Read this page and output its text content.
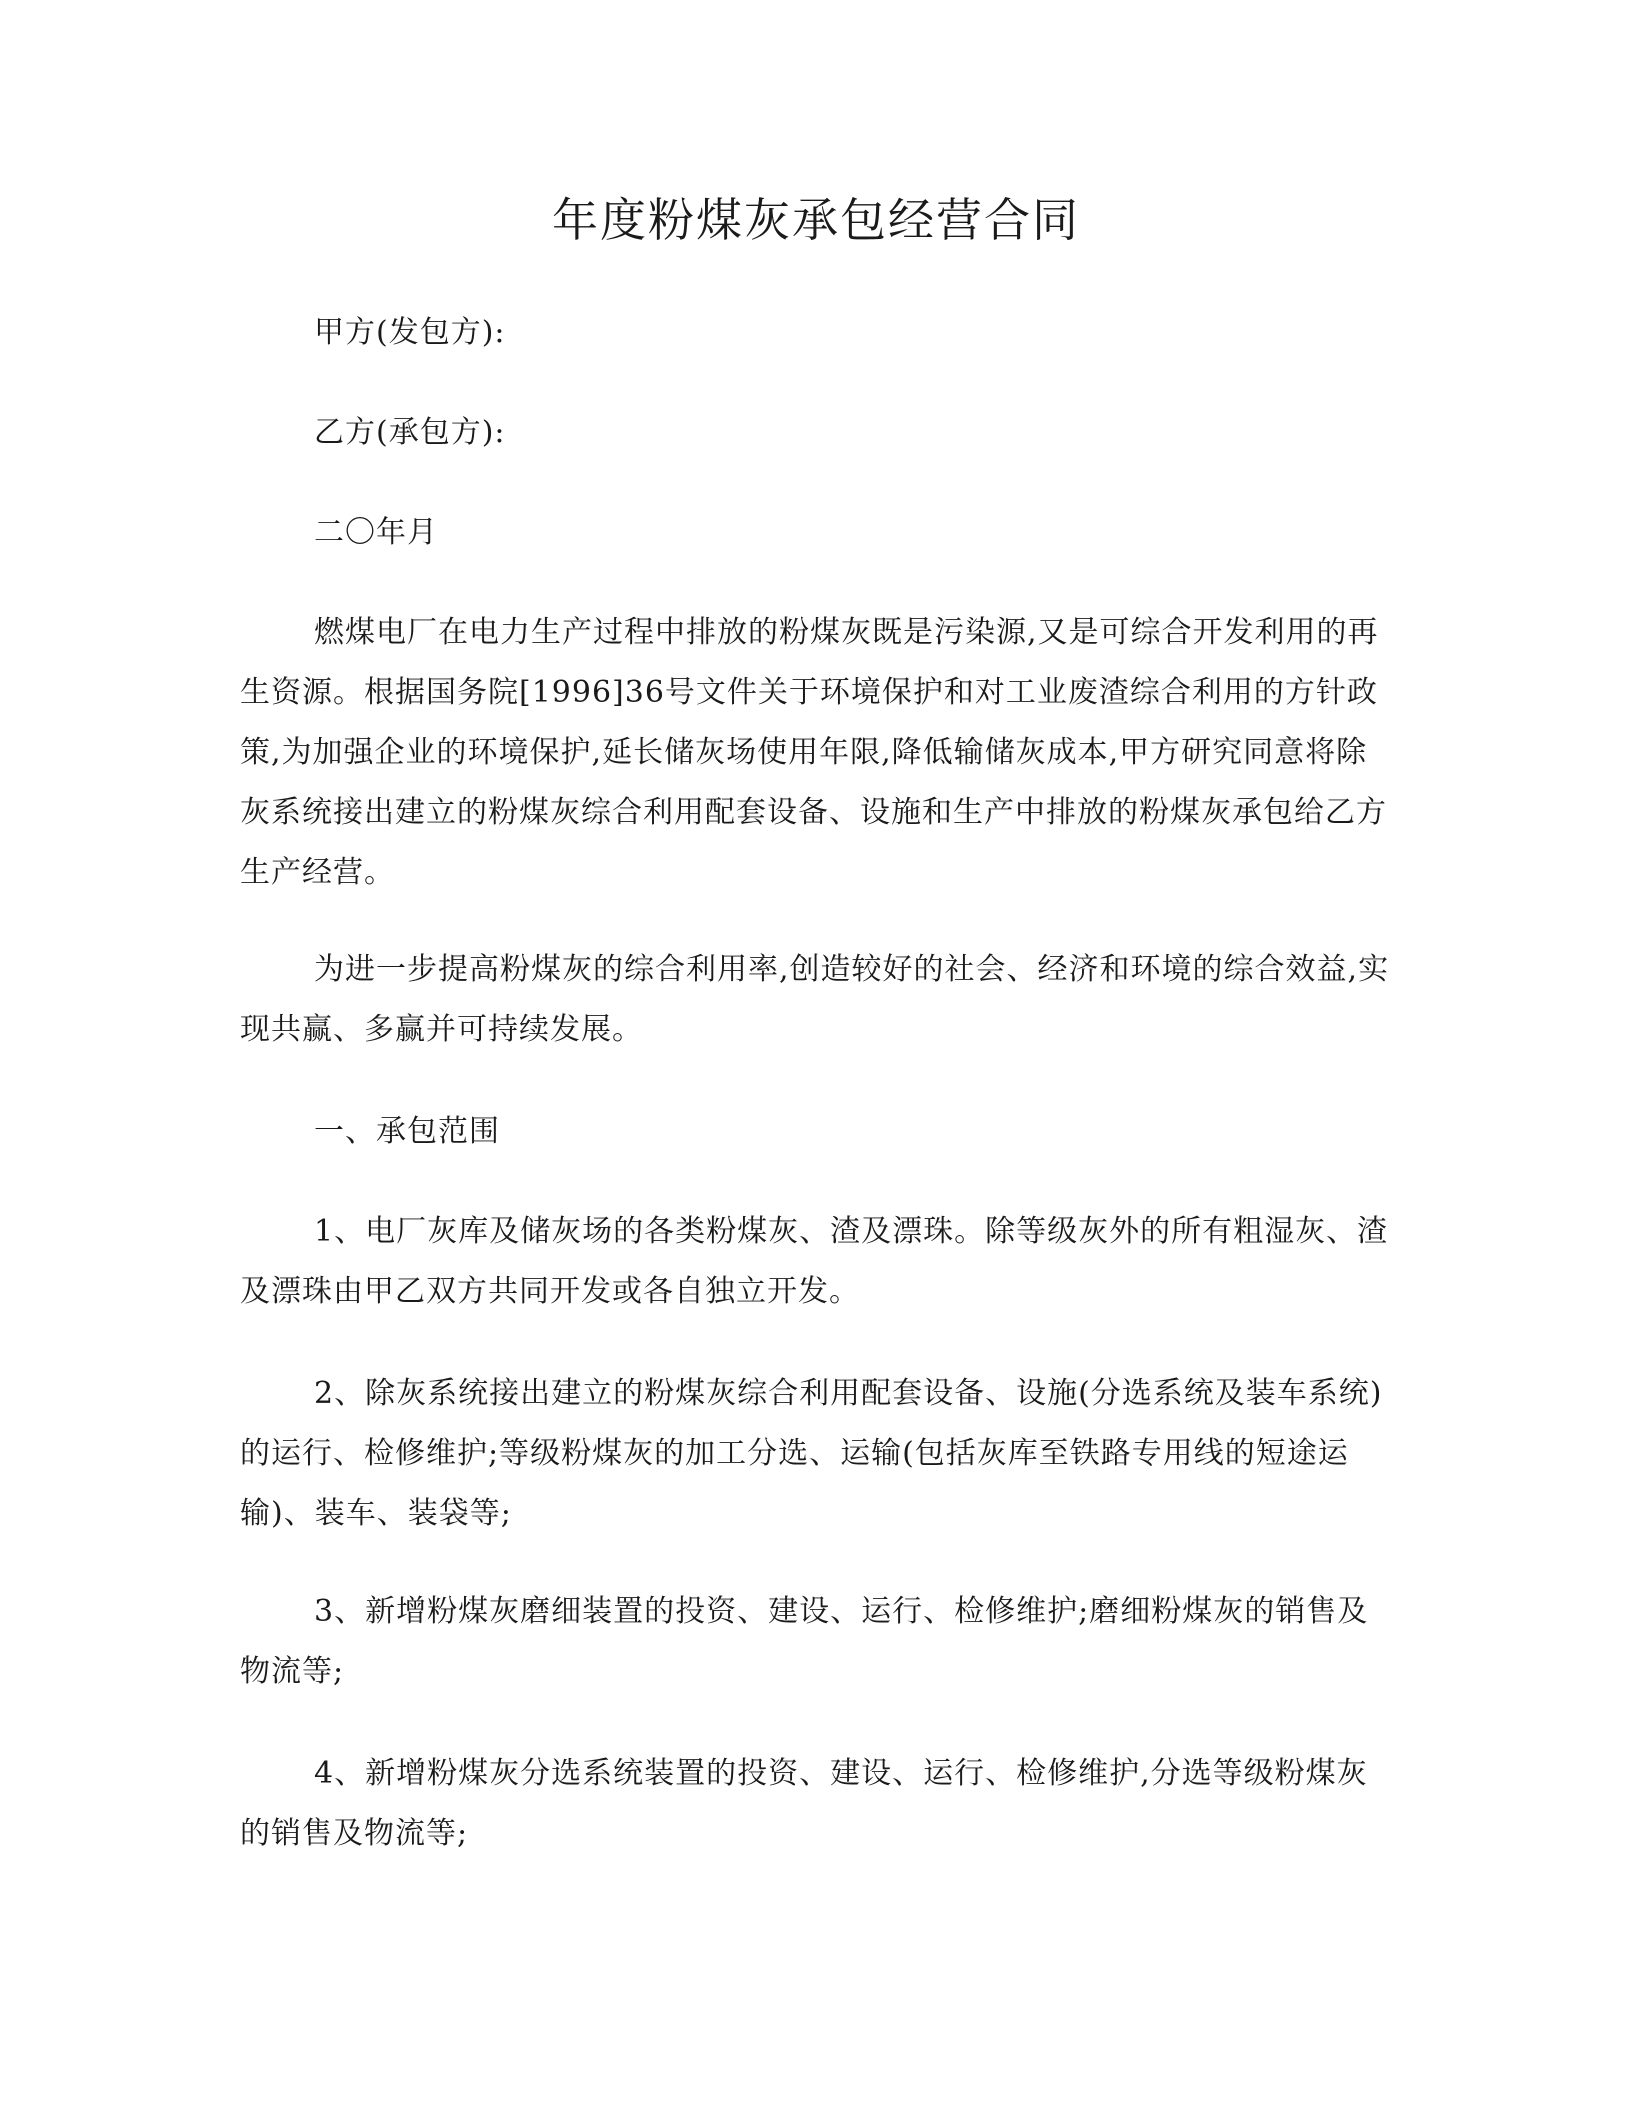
年度粉煤灰承包经营合同

甲方(发包方):

乙方(承包方):

二〇年月

燃煤电厂在电力生产过程中排放的粉煤灰既是污染源,又是可综合开发利用的再生资源。根据国务院[1996]36号文件关于环境保护和对工业废渣综合利用的方针政策,为加强企业的环境保护,延长储灰场使用年限,降低输储灰成本,甲方研究同意将除灰系统接出建立的粉煤灰综合利用配套设备、设施和生产中排放的粉煤灰承包给乙方生产经营。

为进一步提高粉煤灰的综合利用率,创造较好的社会、经济和环境的综合效益,实现共赢、多赢并可持续发展。

一、承包范围

1、电厂灰库及储灰场的各类粉煤灰、渣及漂珠。除等级灰外的所有粗湿灰、渣及漂珠由甲乙双方共同开发或各自独立开发。

2、除灰系统接出建立的粉煤灰综合利用配套设备、设施(分选系统及装车系统)的运行、检修维护;等级粉煤灰的加工分选、运输(包括灰库至铁路专用线的短途运输)、装车、装袋等;

3、新增粉煤灰磨细装置的投资、建设、运行、检修维护;磨细粉煤灰的销售及物流等;

4、新增粉煤灰分选系统装置的投资、建设、运行、检修维护,分选等级粉煤灰的销售及物流等;
